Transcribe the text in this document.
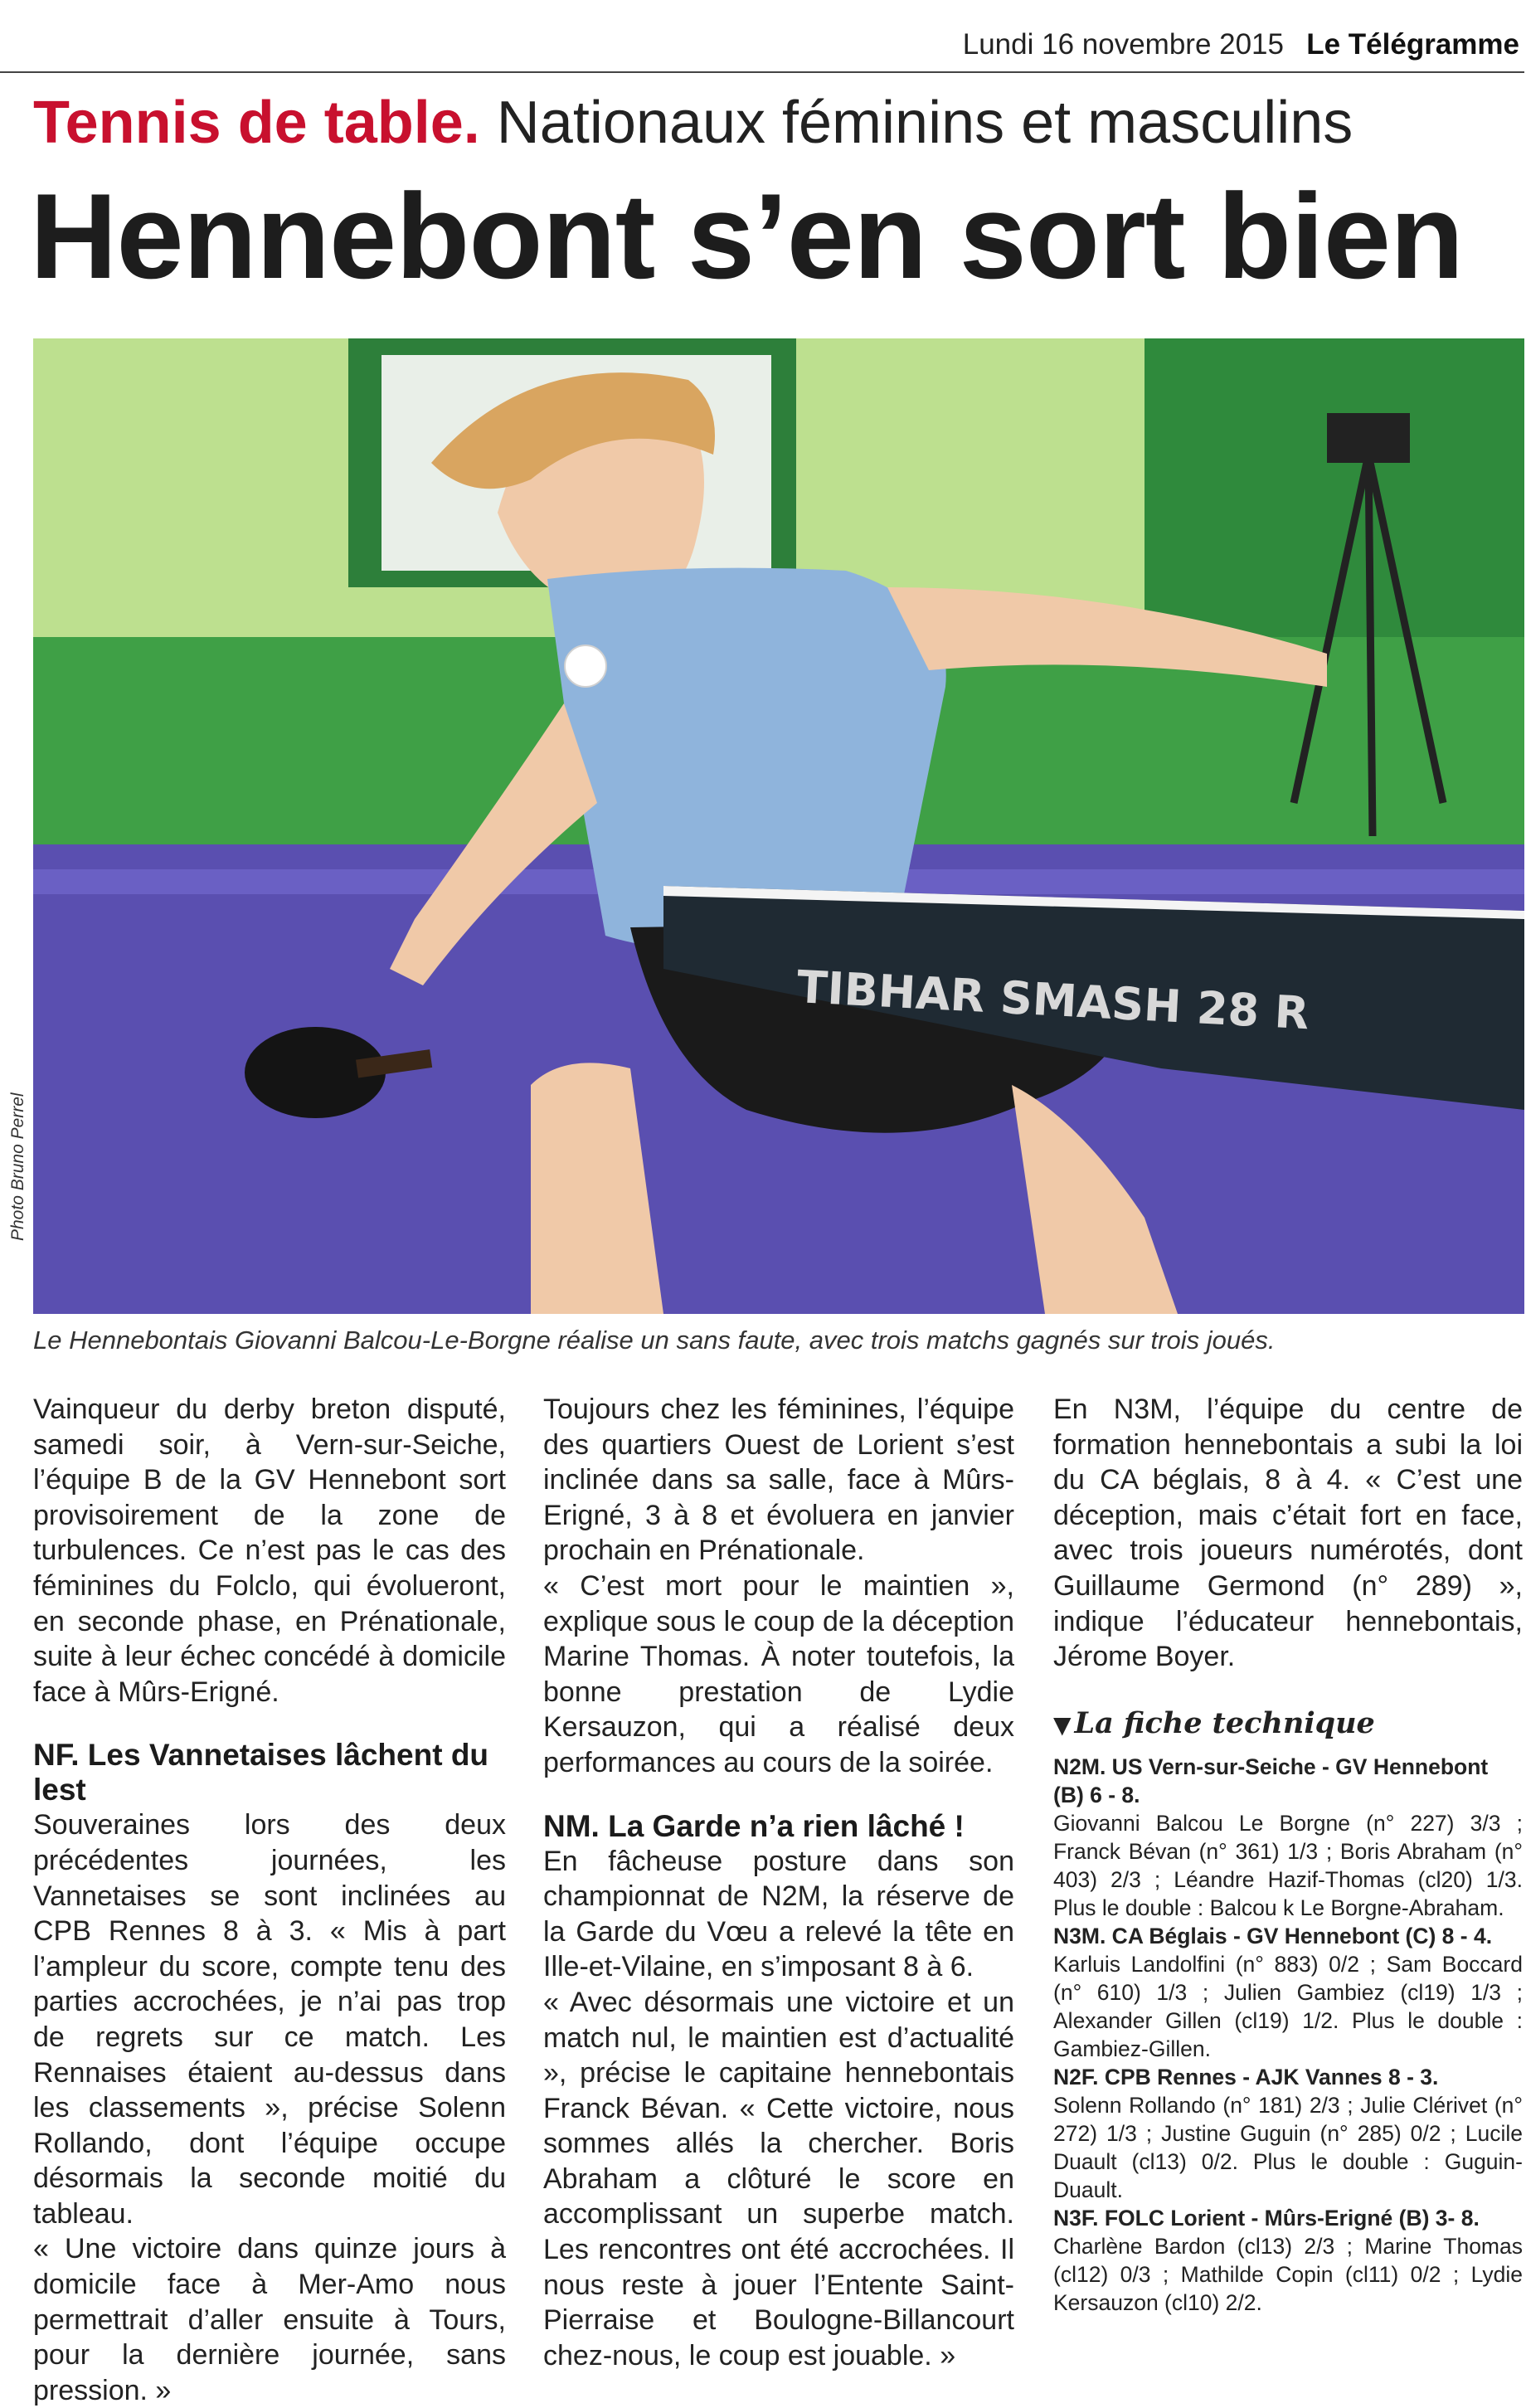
Lundi 16 novembre 2015 Le Télégramme
Tennis de table. Nationaux féminins et masculins
Hennebont s’en sort bien
TIBHAR SMASH 28 R
Photo Bruno Perrel
Le Hennebontais Giovanni Balcou-Le-Borgne réalise un sans faute, avec trois matchs gagnés sur trois joués.

Vainqueur du derby breton disputé, samedi soir, à Vern-sur-Seiche, l’équipe B de la GV Hennebont sort provisoirement de la zone de turbulences. Ce n’est pas le cas des féminines du Folclo, qui évolueront, en seconde phase, en Prénationale, suite à leur échec concédé à domicile face à Mûrs-Erigné.

NF. Les Vannetaises lâchent du lest

Souveraines lors des deux précédentes journées, les Vannetaises se sont inclinées au CPB Rennes 8 à 3. « Mis à part l’ampleur du score, compte tenu des parties accrochées, je n’ai pas trop de regrets sur ce match. Les Rennaises étaient au-dessus dans les classements », précise Solenn Rollando, dont l’équipe occupe désormais la seconde moitié du tableau.

« Une victoire dans quinze jours à domicile face à Mer-Amo nous permettrait d’aller ensuite à Tours, pour la dernière journée, sans pression. »

Toujours chez les féminines, l’équipe des quartiers Ouest de Lorient s’est inclinée dans sa salle, face à Mûrs-Erigné, 3 à 8 et évoluera en janvier prochain en Prénationale.

« C’est mort pour le maintien », explique sous le coup de la déception Marine Thomas. À noter toutefois, la bonne prestation de Lydie Kersauzon, qui a réalisé deux performances au cours de la soirée.

NM. La Garde n’a rien lâché !

En fâcheuse posture dans son championnat de N2M, la réserve de la Garde du Vœu a relevé la tête en Ille-et-Vilaine, en s’imposant 8 à 6.

« Avec désormais une victoire et un match nul, le maintien est d’actualité », précise le capitaine hennebontais Franck Bévan. « Cette victoire, nous sommes allés la chercher. Boris Abraham a clôturé le score en accomplissant un superbe match. Les rencontres ont été accrochées. Il nous reste à jouer l’Entente Saint-Pierraise et Boulogne-Billancourt chez-nous, le coup est jouable. »

En N3M, l’équipe du centre de formation hennebontais a subi la loi du CA béglais, 8 à 4. « C’est une déception, mais c’était fort en face, avec trois joueurs numérotés, dont Guillaume Germond (n° 289) », indique l’éducateur hennebontais, Jérome Boyer.

▼ La fiche technique

N2M. US Vern-sur-Seiche - GV Hennebont (B) 6 - 8.

Giovanni Balcou Le Borgne (n° 227) 3/3 ; Franck Bévan (n° 361) 1/3 ; Boris Abraham (n° 403) 2/3 ; Léandre Hazif-Thomas (cl20) 1/3. Plus le double : Balcou k Le Borgne-Abraham.

N3M. CA Béglais - GV Hennebont (C) 8 - 4.

Karluis Landolfini (n° 883) 0/2 ; Sam Boccard (n° 610) 1/3 ; Julien Gambiez (cl19) 1/3 ; Alexander Gillen (cl19) 1/2. Plus le double : Gambiez-Gillen.

N2F. CPB Rennes - AJK Vannes 8 - 3.

Solenn Rollando (n° 181) 2/3 ; Julie Clérivet (n° 272) 1/3 ; Justine Guguin (n° 285) 0/2 ; Lucile Duault (cl13) 0/2. Plus le double : Guguin-Duault.

N3F. FOLC Lorient - Mûrs-Erigné (B) 3- 8.

Charlène Bardon (cl13) 2/3 ; Marine Thomas (cl12) 0/3 ; Mathilde Copin (cl11) 0/2 ; Lydie Kersauzon (cl10) 2/2.
